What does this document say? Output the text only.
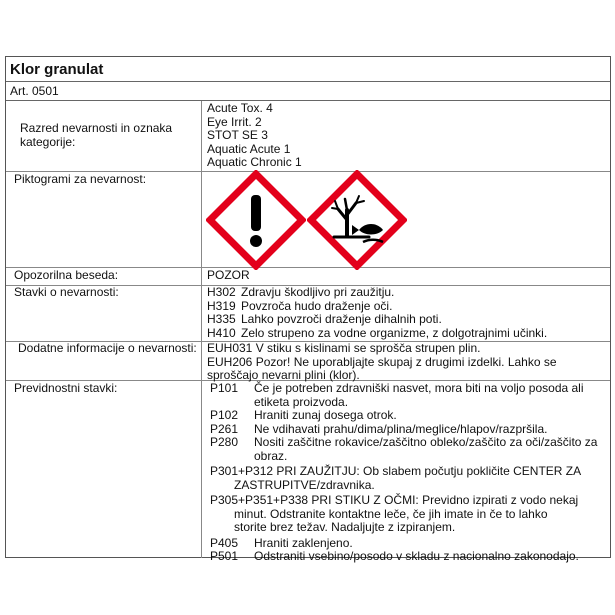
Klor granulat
Art. 0501
Razred nevarnosti in oznaka kategorije:
Acute Tox. 4
Eye Irrit. 2
STOT SE 3
Aquatic Acute 1
Aquatic Chronic 1
Piktogrami za nevarnost:
Opozorilna beseda:	POZOR
Stavki o nevarnosti:	H302 Zdravju škodljivo pri zaužitju.
H319 Povzroča hudo draženje oči.
H335 Lahko povzroči draženje dihalnih poti.
H410 Zelo strupeno za vodne organizme, z dolgotrajnimi učinki.
Dodatne informacije o nevarnosti: EUH031 V stiku s kislinami se sprošča strupen plin.
EUH206 Pozor! Ne uporabljajte skupaj z drugimi izdelki. Lahko se sproščajo nevarni plini (klor).
Previdnostni stavki:	P101	Če je potreben zdravniški nasvet, mora biti na voljo posoda ali
etiketa proizvoda.
P102	Hraniti zunaj dosega otrok.
P261	Ne vdihavati prahu/dima/plina/meglice/hlapov/razpršila.
P280	Nositi zaščitne rokavice/zaščitno obleko/zaščito za oči/zaščito za
obraz.
P301+P312 PRI ZAUŽITJU: Ob slabem počutju pokličite CENTER ZA
ZASTRUPITVE/zdravnika.
P305+P351+P338 PRI STIKU Z OČMI: Previdno izpirati z vodo nekaj
minut. Odstranite kontaktne leče, če jih imate in če to lahko
storite brez težav. Nadaljujte z izpiranjem.
P405	Hraniti zaklenjeno.
P501	Odstraniti vsebino/posodo v skladu z nacionalno zakonodajo.
